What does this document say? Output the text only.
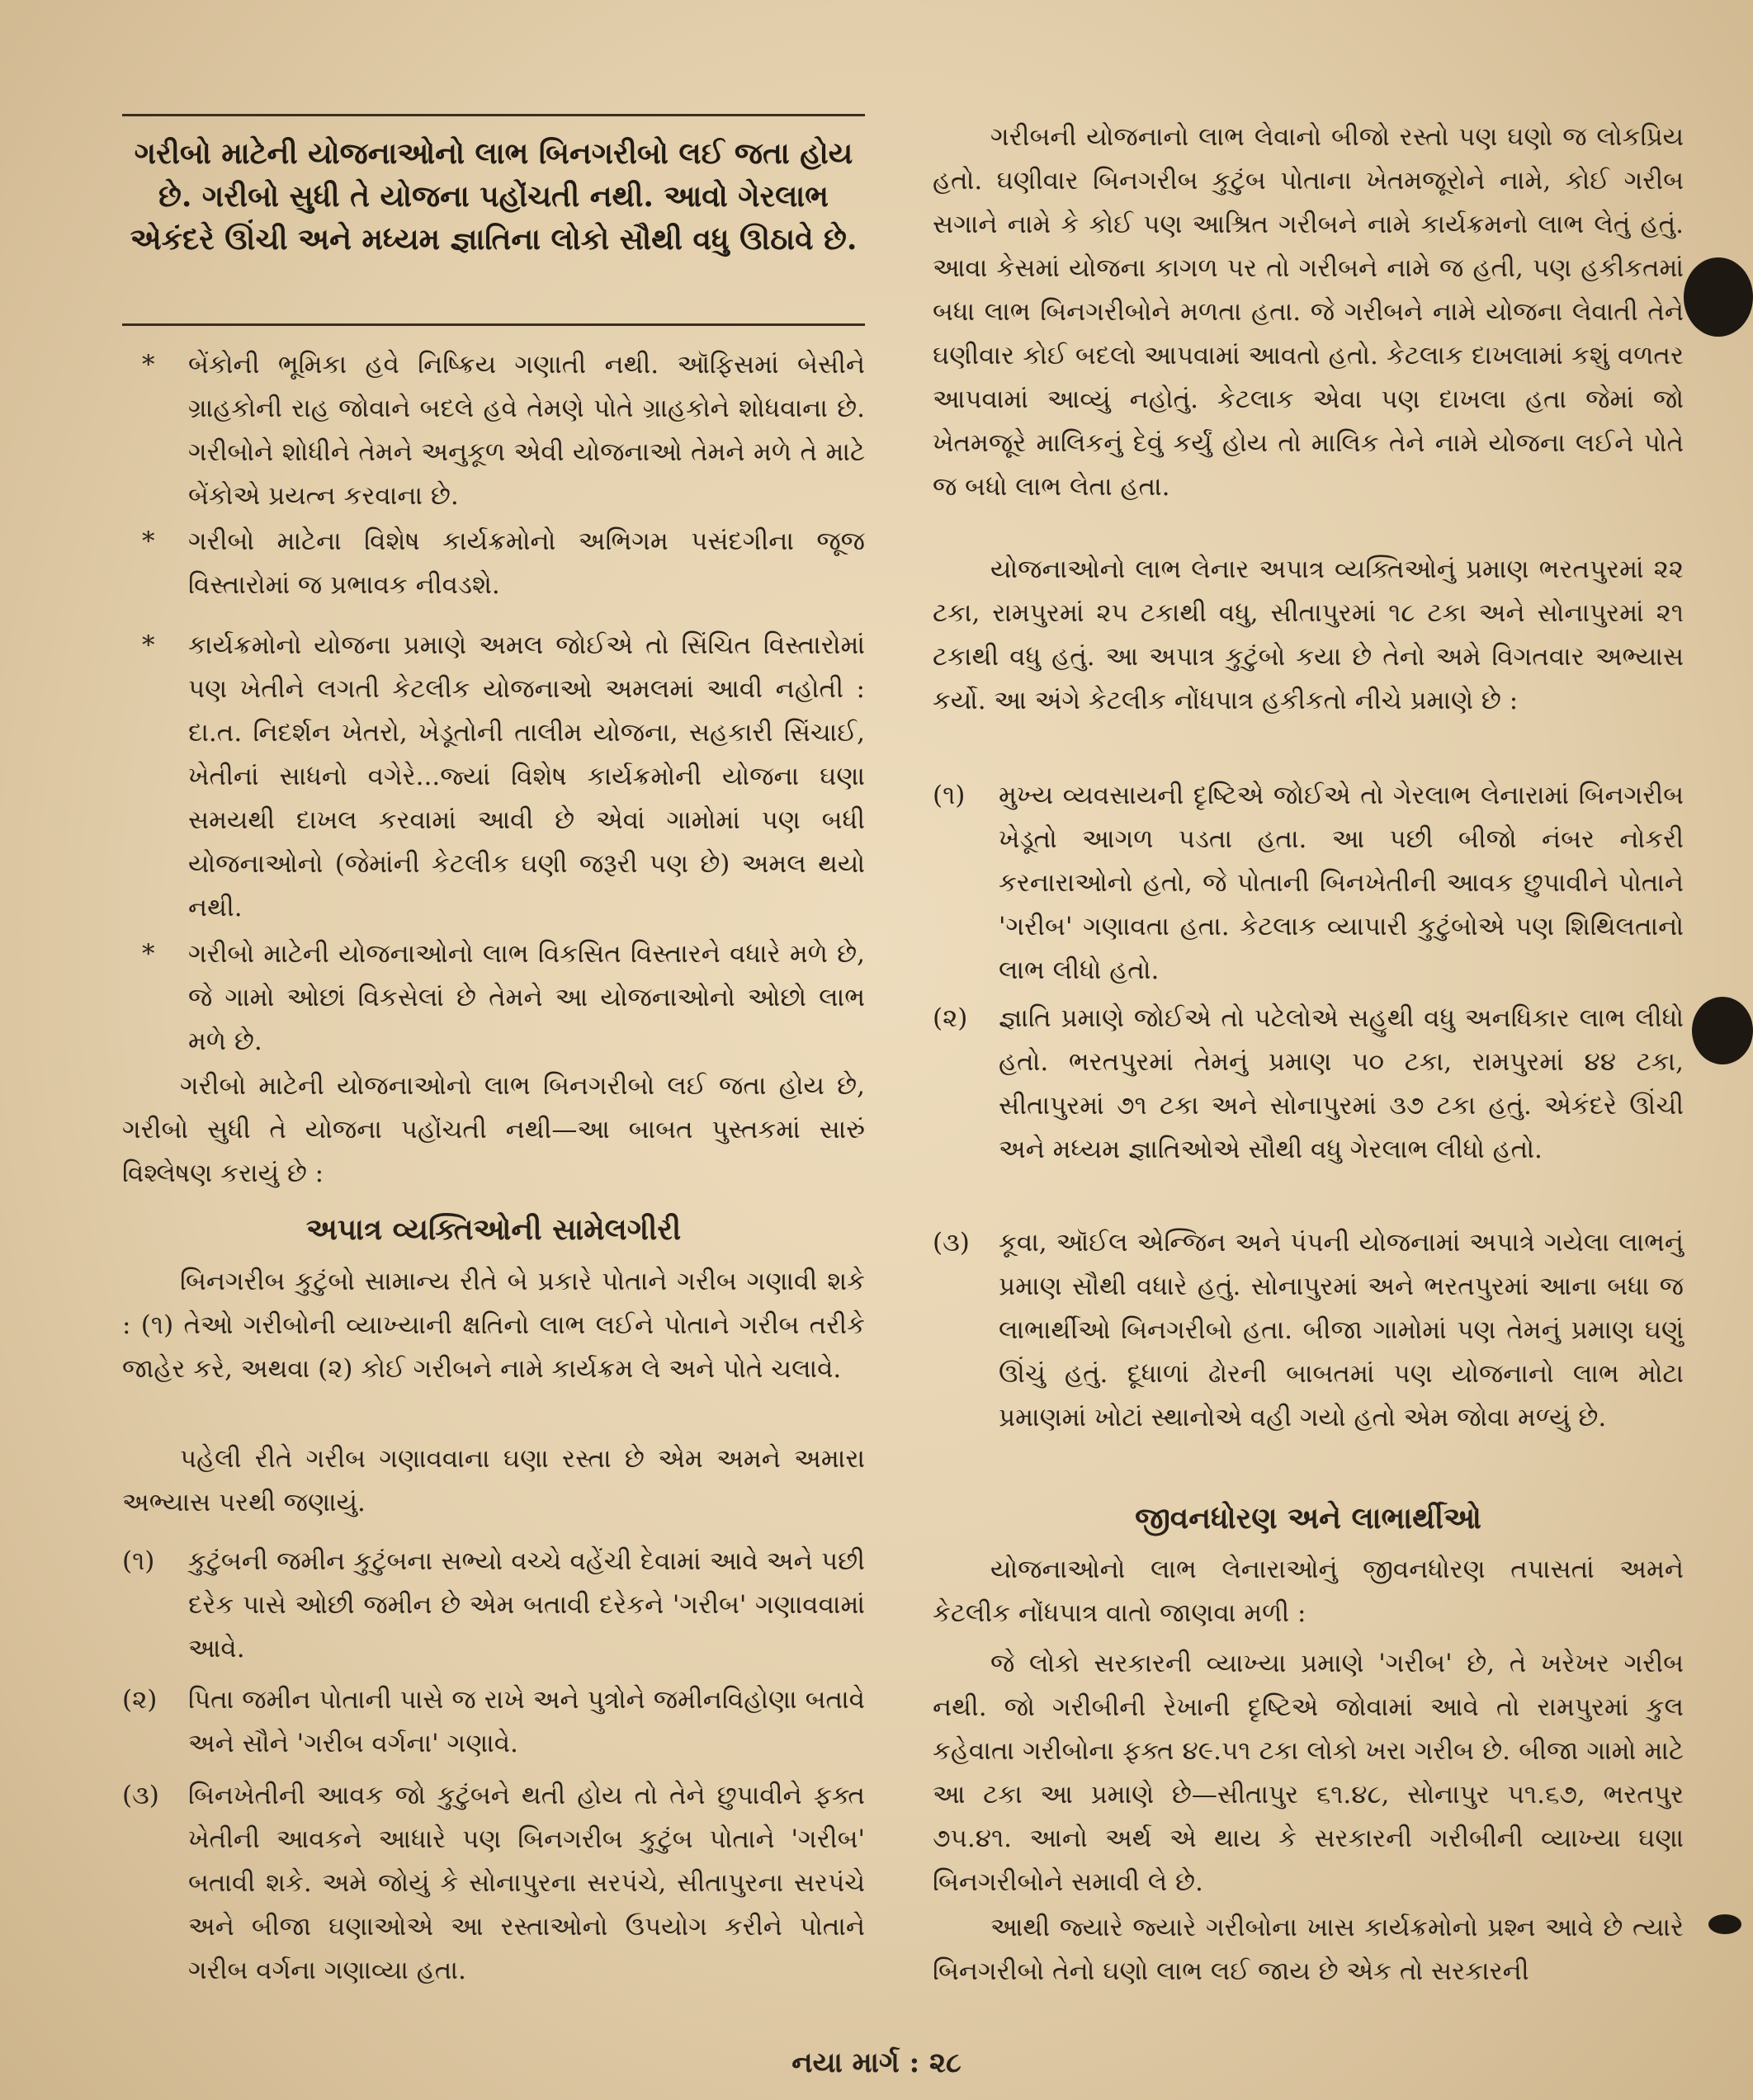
ગરીબો માટેની યોજનાઓનો લાભ બિનગરીબો લઈ જતા હોય છે. ગરીબો સુધી તે યોજના પહોંચતી નથી. આવો ગેરલાભ એકંદરે ઊંચી અને મધ્યમ જ્ઞાતિના લોકો સૌથી વધુ ઊઠાવે છે.

* બેંકોની ભૂમિકા હવે નિષ્ક્રિય ગણાતી નથી. ઑફિસમાં બેસીને ગ્રાહકોની રાહ જોવાને બદલે હવે તેમણે પોતે ગ્રાહકોને શોધવાના છે. ગરીબોને શોધીને તેમને અનુકૂળ એવી યોજનાઓ તેમને મળે તે માટે બેંકોએ પ્રયત્ન કરવાના છે.

* ગરીબો માટેના વિશેષ કાર્યક્રમોનો અભિગમ પસંદગીના જૂજ વિસ્તારોમાં જ પ્રભાવક નીવડશે.

* કાર્યક્રમોનો યોજના પ્રમાણે અમલ જોઈએ તો સિંચિત વિસ્તારોમાં પણ ખેતીને લગતી કેટલીક યોજનાઓ અમલમાં આવી નહોતી : દા.ત. નિદર્શન ખેતરો, ખેડૂતોની તાલીમ યોજના, સહકારી સિંચાઈ, ખેતીનાં સાધનો વગેરે...જ્યાં વિશેષ કાર્યક્રમોની યોજના ઘણા સમયથી દાખલ કરવામાં આવી છે એવાં ગામોમાં પણ બધી યોજનાઓનો (જેમાંની કેટલીક ઘણી જરૂરી પણ છે) અમલ થયો નથી.

* ગરીબો માટેની યોજનાઓનો લાભ વિકસિત વિસ્તારને વધારે મળે છે, જે ગામો ઓછાં વિકસેલાં છે તેમને આ યોજનાઓનો ઓછો લાભ મળે છે.

ગરીબો માટેની યોજનાઓનો લાભ બિનગરીબો લઈ જતા હોય છે, ગરીબો સુધી તે યોજના પહોંચતી નથી—આ બાબત પુસ્તકમાં સારું વિશ્લેષણ કરાયું છે :

અપાત્ર વ્યક્તિઓની સામેલગીરી

બિનગરીબ કુટુંબો સામાન્ય રીતે બે પ્રકારે પોતાને ગરીબ ગણાવી શકે : (૧) તેઓ ગરીબોની વ્યાખ્યાની ક્ષતિનો લાભ લઈને પોતાને ગરીબ તરીકે જાહેર કરે, અથવા (૨) કોઈ ગરીબને નામે કાર્યક્રમ લે અને પોતે ચલાવે.

પહેલી રીતે ગરીબ ગણાવવાના ઘણા રસ્તા છે એમ અમને અમારા અભ્યાસ પરથી જણાયું.

(૧) કુટુંબની જમીન કુટુંબના સભ્યો વચ્ચે વહેંચી દેવામાં આવે અને પછી દરેક પાસે ઓછી જમીન છે એમ બતાવી દરેકને 'ગરીબ' ગણાવવામાં આવે.

(૨) પિતા જમીન પોતાની પાસે જ રાખે અને પુત્રોને જમીનવિહોણા બતાવે અને સૌને 'ગરીબ વર્ગના' ગણાવે.

(૩) બિનખેતીની આવક જો કુટુંબને થતી હોય તો તેને છુપાવીને ફક્ત ખેતીની આવકને આધારે પણ બિનગરીબ કુટુંબ પોતાને 'ગરીબ' બતાવી શકે. અમે જોયું કે સોનાપુરના સરપંચે, સીતાપુરના સરપંચે અને બીજા ઘણાઓએ આ રસ્તાઓનો ઉપયોગ કરીને પોતાને ગરીબ વર્ગના ગણાવ્યા હતા.

ગરીબની યોજનાનો લાભ લેવાનો બીજો રસ્તો પણ ઘણો જ લોકપ્રિય હતો. ઘણીવાર બિનગરીબ કુટુંબ પોતાના ખેતમજૂરોને નામે, કોઈ ગરીબ સગાને નામે કે કોઈ પણ આશ્રિત ગરીબને નામે કાર્યક્રમનો લાભ લેતું હતું. આવા કેસમાં યોજના કાગળ પર તો ગરીબને નામે જ હતી, પણ હકીકતમાં બધા લાભ બિનગરીબોને મળતા હતા. જે ગરીબને નામે યોજના લેવાતી તેને ઘણીવાર કોઈ બદલો આપવામાં આવતો હતો. કેટલાક દાખલામાં કશું વળતર આપવામાં આવ્યું નહોતું. કેટલાક એવા પણ દાખલા હતા જેમાં જો ખેતમજૂરે માલિકનું દેવું કર્યું હોય તો માલિક તેને નામે યોજના લઈને પોતે જ બધો લાભ લેતા હતા.

યોજનાઓનો લાભ લેનાર અપાત્ર વ્યક્તિઓનું પ્રમાણ ભરતપુરમાં ૨૨ ટકા, રામપુરમાં ૨૫ ટકાથી વધુ, સીતાપુરમાં ૧૮ ટકા અને સોનાપુરમાં ૨૧ ટકાથી વધુ હતું. આ અપાત્ર કુટુંબો કયા છે તેનો અમે વિગતવાર અભ્યાસ કર્યો. આ અંગે કેટલીક નોંધપાત્ર હકીકતો નીચે પ્રમાણે છે :

(૧) મુખ્ય વ્યવસાયની દૃષ્ટિએ જોઈએ તો ગેરલાભ લેનારામાં બિનગરીબ ખેડૂતો આગળ પડતા હતા. આ પછી બીજો નંબર નોકરી કરનારાઓનો હતો, જે પોતાની બિનખેતીની આવક છુપાવીને પોતાને 'ગરીબ' ગણાવતા હતા. કેટલાક વ્યાપારી કુટુંબોએ પણ શિથિલતાનો લાભ લીધો હતો.

(૨) જ્ઞાતિ પ્રમાણે જોઈએ તો પટેલોએ સહુથી વધુ અનધિકાર લાભ લીધો હતો. ભરતપુરમાં તેમનું પ્રમાણ ૫૦ ટકા, રામપુરમાં ૪૪ ટકા, સીતાપુરમાં ૭૧ ટકા અને સોનાપુરમાં ૩૭ ટકા હતું. એકંદરે ઊંચી અને મધ્યમ જ્ઞાતિઓએ સૌથી વધુ ગેરલાભ લીધો હતો.

(૩) કૂવા, ઑઈલ એન્જિન અને પંપની યોજનામાં અપાત્રે ગયેલા લાભનું પ્રમાણ સૌથી વધારે હતું. સોનાપુરમાં અને ભરતપુરમાં આના બધા જ લાભાર્થીઓ બિનગરીબો હતા. બીજા ગામોમાં પણ તેમનું પ્રમાણ ઘણું ઊંચું હતું. દૂધાળાં ઢોરની બાબતમાં પણ યોજનાનો લાભ મોટા પ્રમાણમાં ખોટાં સ્થાનોએ વહી ગયો હતો એમ જોવા મળ્યું છે.

જીવનધોરણ અને લાભાર્થીઓ

યોજનાઓનો લાભ લેનારાઓનું જીવનધોરણ તપાસતાં અમને કેટલીક નોંધપાત્ર વાતો જાણવા મળી :

જે લોકો સરકારની વ્યાખ્યા પ્રમાણે 'ગરીબ' છે, તે ખરેખર ગરીબ નથી. જો ગરીબીની રેખાની દૃષ્ટિએ જોવામાં આવે તો રામપુરમાં કુલ કહેવાતા ગરીબોના ફક્ત ૪૯.૫૧ ટકા લોકો ખરા ગરીબ છે. બીજા ગામો માટે આ ટકા આ પ્રમાણે છે—સીતાપુર ૬૧.૪૮, સોનાપુર ૫૧.૬૭, ભરતપુર ૭૫.૪૧. આનો અર્થ એ થાય કે સરકારની ગરીબીની વ્યાખ્યા ઘણા બિનગરીબોને સમાવી લે છે.

આથી જ્યારે જ્યારે ગરીબોના ખાસ કાર્યક્રમોનો પ્રશ્ન આવે છે ત્યારે બિનગરીબો તેનો ઘણો લાભ લઈ જાય છે એક તો સરકારની

નયા માર્ગ : ૨૮
